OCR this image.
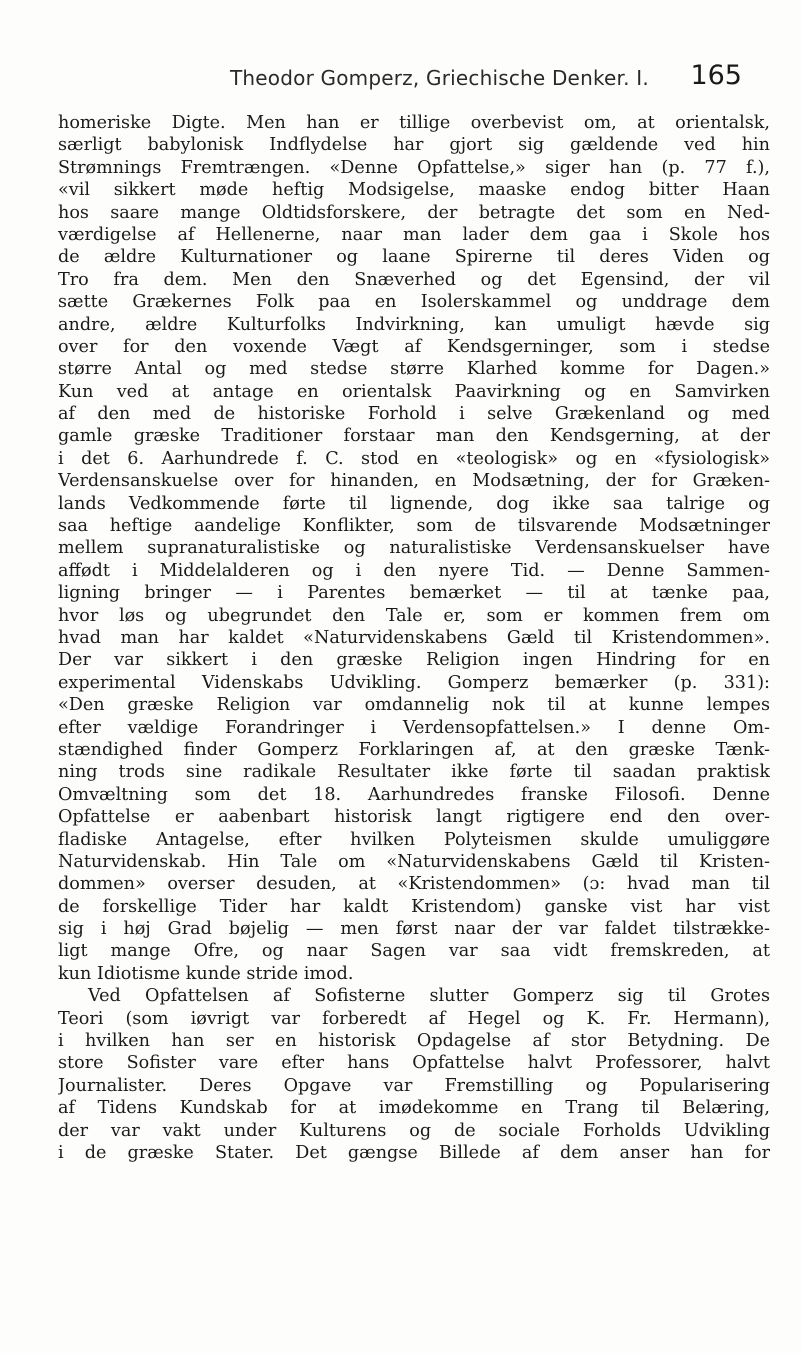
Theodor Gomperz, Griechische Denker. I. 165
homeriske Digte. Men han er tillige overbevist om, at orientalsk,
særligt babylonisk Indflydelse har gjort sig gældende ved hin
Strømnings Fremtrængen. «Denne Opfattelse,» siger han (p. 77 f.),
«vil sikkert møde heftig Modsigelse, maaske endog bitter Haan
hos saare mange Oldtidsforskere, der betragte det som en Ned-
værdigelse af Hellenerne, naar man lader dem gaa i Skole hos
de ældre Kulturnationer og laane Spirerne til deres Viden og
Tro fra dem. Men den Snæverhed og det Egensind, der vil
sætte Grækernes Folk paa en Isolerskammel og unddrage dem
andre, ældre Kulturfolks Indvirkning, kan umuligt hævde sig
over for den voxende Vægt af Kendsgerninger, som i stedse
større Antal og med stedse større Klarhed komme for Dagen.»
Kun ved at antage en orientalsk Paavirkning og en Samvirken
af den med de historiske Forhold i selve Grækenland og med
gamle græske Traditioner forstaar man den Kendsgerning, at der
i det 6. Aarhundrede f. C. stod en «teologisk» og en «fysiologisk»
Verdensanskuelse over for hinanden, en Modsætning, der for Græken-
lands Vedkommende førte til lignende, dog ikke saa talrige og
saa heftige aandelige Konflikter, som de tilsvarende Modsætninger
mellem supranaturalistiske og naturalistiske Verdensanskuelser have
affødt i Middelalderen og i den nyere Tid. — Denne Sammen-
ligning bringer — i Parentes bemærket — til at tænke paa,
hvor løs og ubegrundet den Tale er, som er kommen frem om
hvad man har kaldet «Naturvidenskabens Gæld til Kristendommen».
Der var sikkert i den græske Religion ingen Hindring for en
experimental Videnskabs Udvikling. Gomperz bemærker (p. 331):
«Den græske Religion var omdannelig nok til at kunne lempes
efter vældige Forandringer i Verdensopfattelsen.» I denne Om-
stændighed finder Gomperz Forklaringen af, at den græske Tænk-
ning trods sine radikale Resultater ikke førte til saadan praktisk
Omvæltning som det 18. Aarhundredes franske Filosofi. Denne
Opfattelse er aabenbart historisk langt rigtigere end den over-
fladiske Antagelse, efter hvilken Polyteismen skulde umuliggøre
Naturvidenskab. Hin Tale om «Naturvidenskabens Gæld til Kristen-
dommen» overser desuden, at «Kristendommen» (ɔ: hvad man til
de forskellige Tider har kaldt Kristendom) ganske vist har vist
sig i høj Grad bøjelig — men først naar der var faldet tilstrække-
ligt mange Ofre, og naar Sagen var saa vidt fremskreden, at
kun Idiotisme kunde stride imod.
Ved Opfattelsen af Sofisterne slutter Gomperz sig til Grotes
Teori (som iøvrigt var forberedt af Hegel og K. Fr. Hermann),
i hvilken han ser en historisk Opdagelse af stor Betydning. De
store Sofister vare efter hans Opfattelse halvt Professorer, halvt
Journalister. Deres Opgave var Fremstilling og Popularisering
af Tidens Kundskab for at imødekomme en Trang til Belæring,
der var vakt under Kulturens og de sociale Forholds Udvikling
i de græske Stater. Det gængse Billede af dem anser han for
